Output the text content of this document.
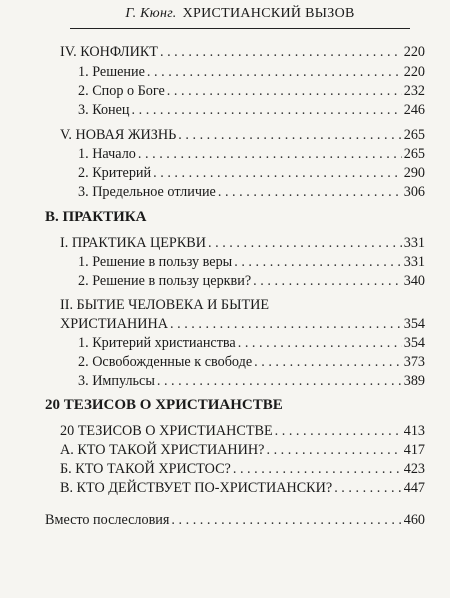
Г. Кюнг. ХРИСТИАНСКИЙ ВЫЗОВ
IV. КОНФЛИКТ . . .	220
1. Решение . . .	220
2. Спор о Боге . . .	232
3. Конец . . .	246
V. НОВАЯ ЖИЗНЬ . . .	265
1. Начало . . .	265
2. Критерий . . .	290
3. Предельное отличие . . .	306
В. ПРАКТИКА
I. ПРАКТИКА ЦЕРКВИ . . .	331
1. Решение в пользу веры . . .	331
2. Решение в пользу церкви? . . .	340
II. БЫТИЕ ЧЕЛОВЕКА И БЫТИЕ
ХРИСТИАНИНА . . .	354
1. Критерий христианства . . .	354
2. Освобожденные к свободе . . .	373
3. Импульсы . . .	389
20 ТЕЗИСОВ О ХРИСТИАНСТВЕ
20 ТЕЗИСОВ О ХРИСТИАНСТВЕ . . .	413
А. КТО ТАКОЙ ХРИСТИАНИН? . . .	417
Б. КТО ТАКОЙ ХРИСТОС? . . .	423
В. КТО ДЕЙСТВУЕТ ПО-ХРИСТИАНСКИ? . . .	447
Вместо послесловия . . .	460
